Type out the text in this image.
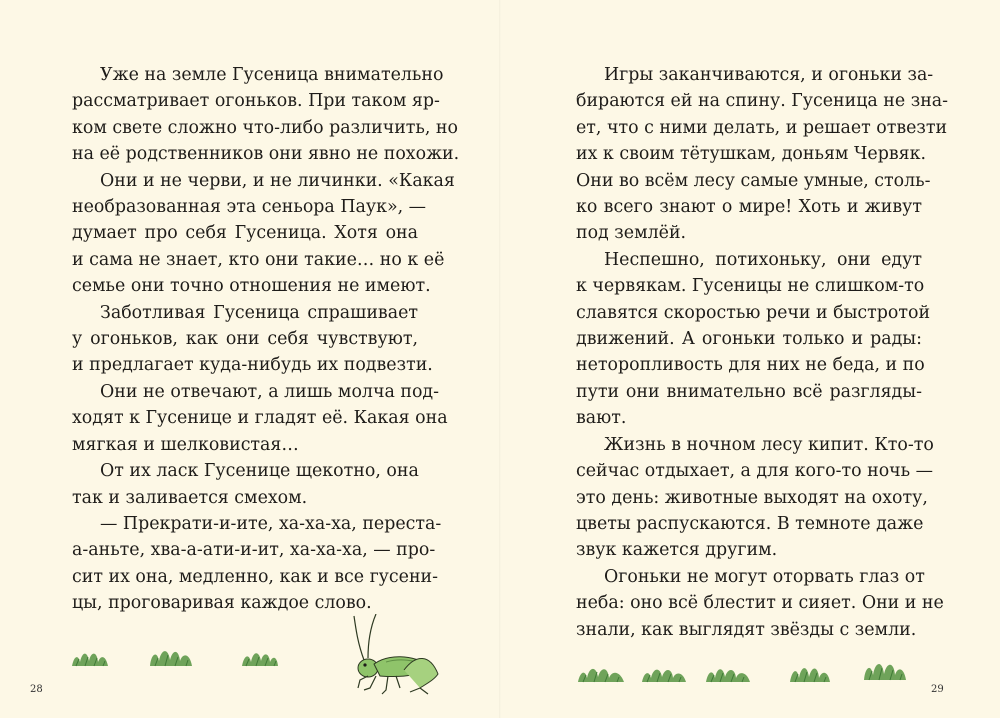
Уже на земле Гусеница внимательно
рассматривает огоньков. При таком яр-
ком свете сложно что-либо различить, но
на её родственников они явно не похожи.

Они и не черви, и не личинки. «Какая
необразованная эта сеньора Паук», —
думает про себя Гусеница. Хотя она
и сама не знает, кто они такие… но к её
семье они точно отношения не имеют.

Заботливая Гусеница спрашивает
у огоньков, как они себя чувствуют,
и предлагает куда-нибудь их подвезти.

Они не отвечают, а лишь молча под-
ходят к Гусенице и гладят её. Какая она
мягкая и шелковистая…

От их ласк Гусенице щекотно, она
так и заливается смехом.

— Прекрати-и-ите, ха-ха-ха, переста-
а-аньте, хва-а-ати-и-ит, ха-ха-ха, — про-
сит их она, медленно, как и все гусени-
цы, проговаривая каждое слово.

28

Игры заканчиваются, и огоньки за-
бираются ей на спину. Гусеница не зна-
ет, что с ними делать, и решает отвезти
их к своим тётушкам, доньям Червяк.
Они во всём лесу самые умные, столь-
ко всего знают о мире! Хоть и живут
под землёй.

Неспешно, потихоньку, они едут
к червякам. Гусеницы не слишком-то
славятся скоростью речи и быстротой
движений. А огоньки только и рады:
неторопливость для них не беда, и по
пути они внимательно всё разгляды-
вают.

Жизнь в ночном лесу кипит. Кто-то
сейчас отдыхает, а для кого-то ночь —
это день: животные выходят на охоту,
цветы распускаются. В темноте даже
звук кажется другим.

Огоньки не могут оторвать глаз от
неба: оно всё блестит и сияет. Они и не
знали, как выглядят звёзды с земли.

29
